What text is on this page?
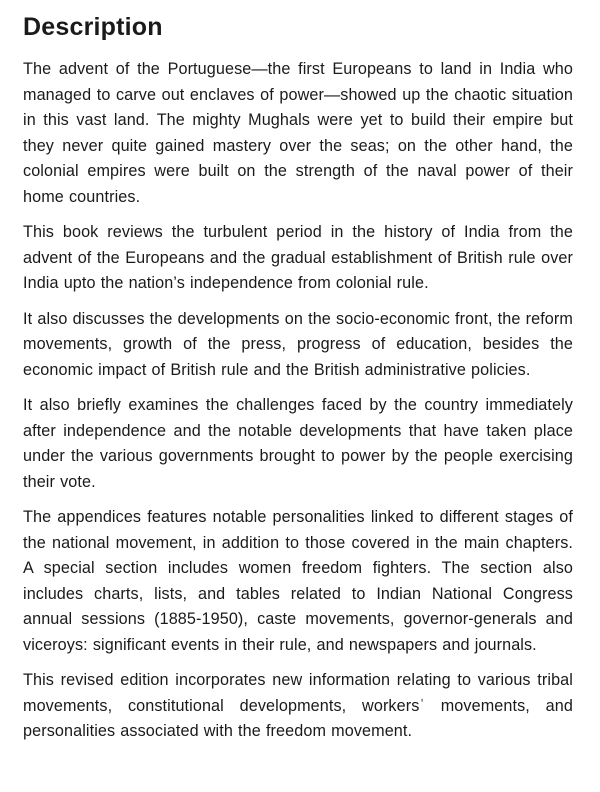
Description

The advent of the Portuguese—the first Europeans to land in India who managed to carve out enclaves of power—showed up the chaotic situation in this vast land. The mighty Mughals were yet to build their empire but they never quite gained mastery over the seas; on the other hand, the colonial empires were built on the strength of the naval power of their home countries.

This book reviews the turbulent period in the history of India from the advent of the Europeans and the gradual establishment of British rule over India upto the nation’s independence from colonial rule.

It also discusses the developments on the socio-economic front, the reform movements, growth of the press, progress of education, besides the economic impact of British rule and the British administrative policies.

It also briefly examines the challenges faced by the country immediately after independence and the notable developments that have taken place under the various governments brought to power by the people exercising their vote.

The appendices features notable personalities linked to different stages of the national movement, in addition to those covered in the main chapters. A special section includes women freedom fighters. The section also includes charts, lists, and tables related to Indian National Congress annual sessions (1885-1950), caste movements, governor-generals and viceroys: significant events in their rule, and newspapers and journals.

This revised edition incorporates new information relating to various tribal movements, constitutional developments, workersˈ movements, and personalities associated with the freedom movement.
